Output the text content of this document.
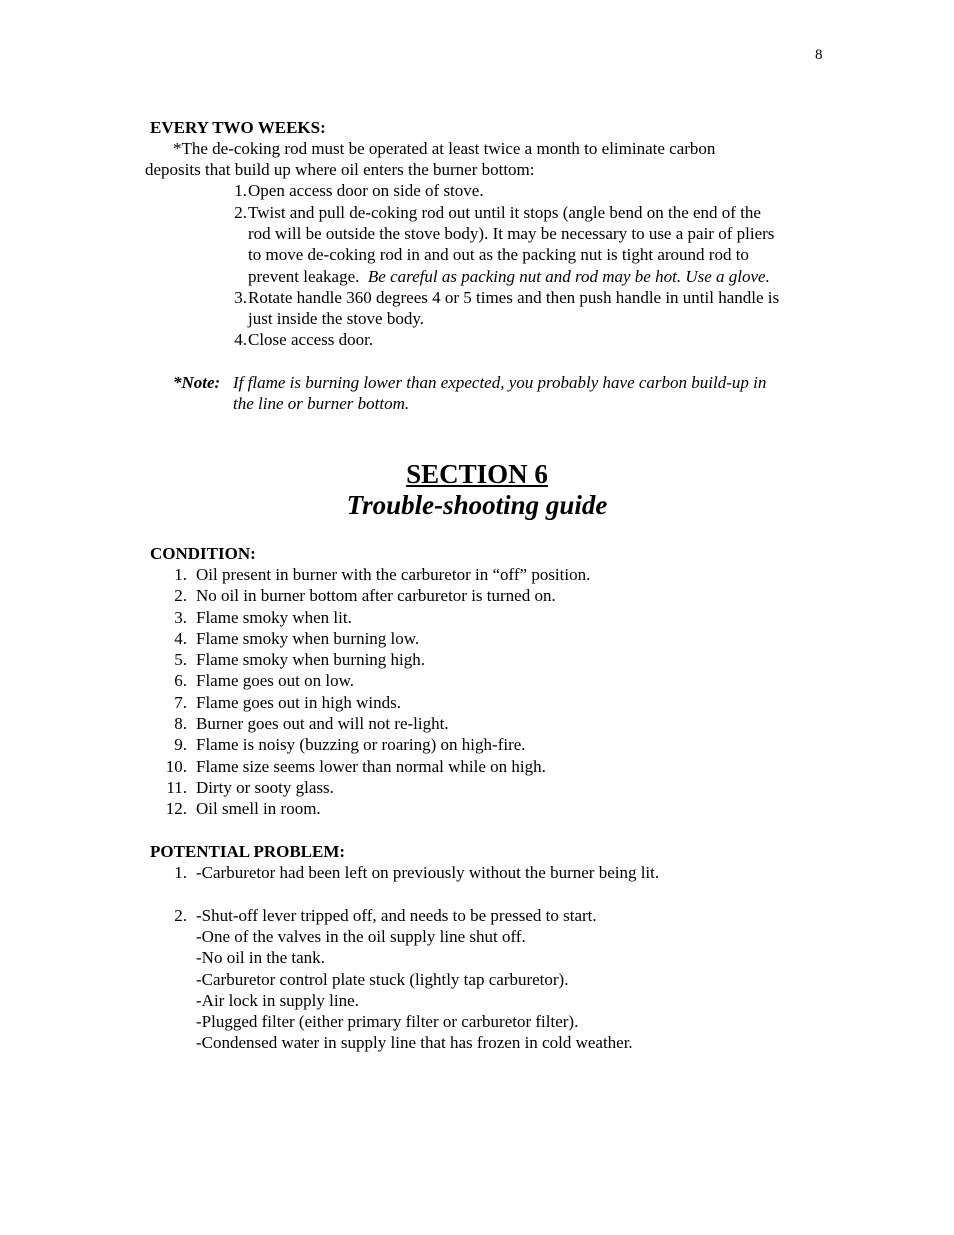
8
EVERY TWO WEEKS:
*The de-coking rod must be operated at least twice a month to eliminate carbon
deposits that build up where oil enters the burner bottom:
1. Open access door on side of stove.
2. Twist and pull de-coking rod out until it stops (angle bend on the end of the
rod will be outside the stove body). It may be necessary to use a pair of pliers
to move de-coking rod in and out as the packing nut is tight around rod to
prevent leakage. Be careful as packing nut and rod may be hot. Use a glove.
3. Rotate handle 360 degrees 4 or 5 times and then push handle in until handle is
just inside the stove body.
4. Close access door.
*Note: If flame is burning lower than expected, you probably have carbon build-up in
the line or burner bottom.
SECTION 6
Trouble-shooting guide
CONDITION:
1. Oil present in burner with the carburetor in “off” position.
2. No oil in burner bottom after carburetor is turned on.
3. Flame smoky when lit.
4. Flame smoky when burning low.
5. Flame smoky when burning high.
6. Flame goes out on low.
7. Flame goes out in high winds.
8. Burner goes out and will not re-light.
9. Flame is noisy (buzzing or roaring) on high-fire.
10. Flame size seems lower than normal while on high.
11. Dirty or sooty glass.
12. Oil smell in room.
POTENTIAL PROBLEM:
1. -Carburetor had been left on previously without the burner being lit.
2. -Shut-off lever tripped off, and needs to be pressed to start.
-One of the valves in the oil supply line shut off.
-No oil in the tank.
-Carburetor control plate stuck (lightly tap carburetor).
-Air lock in supply line.
-Plugged filter (either primary filter or carburetor filter).
-Condensed water in supply line that has frozen in cold weather.
